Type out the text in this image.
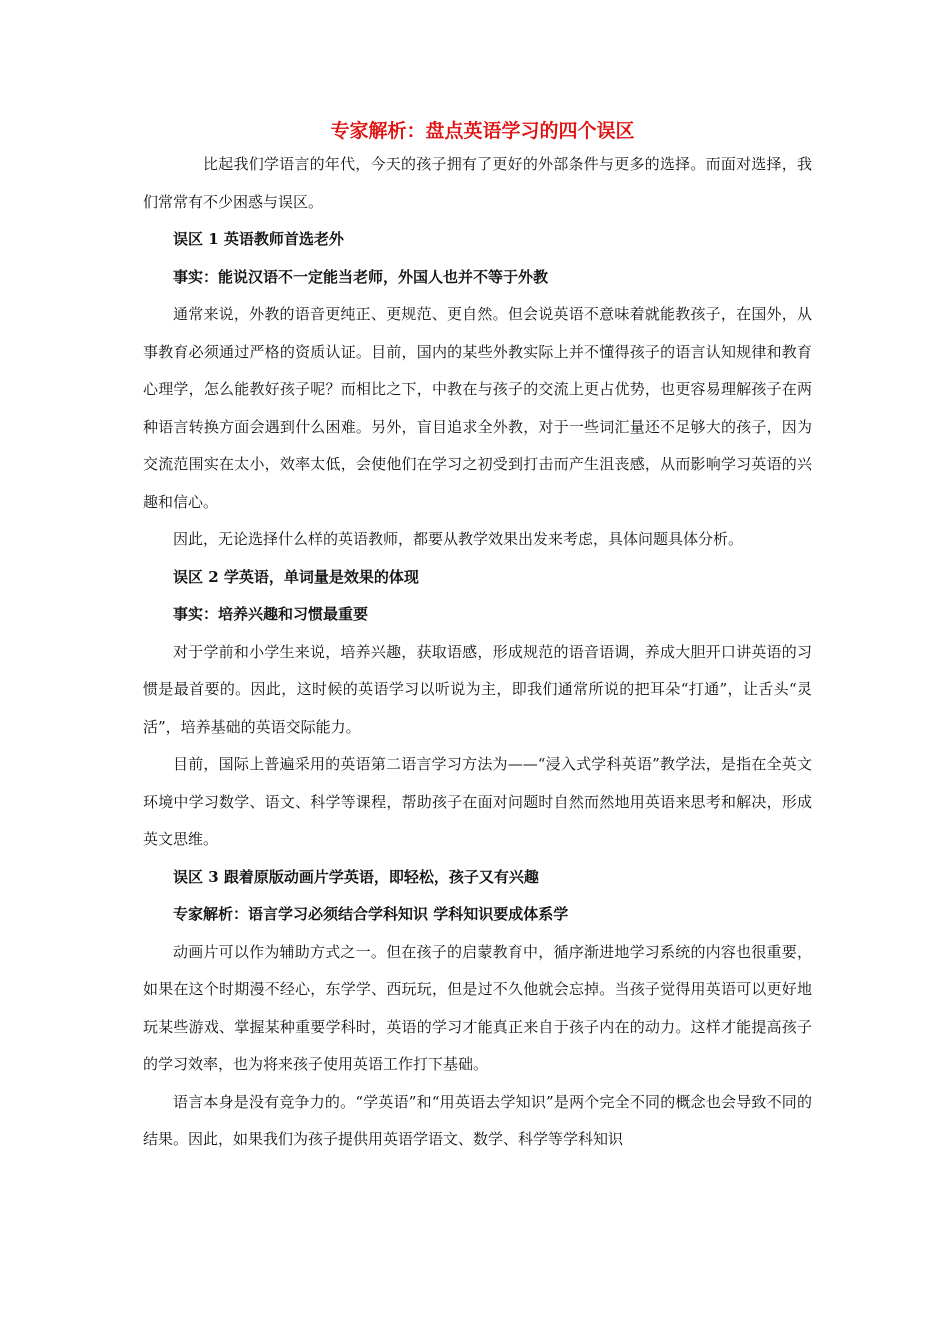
专家解析：盘点英语学习的四个误区

比起我们学语言的年代，今天的孩子拥有了更好的外部条件与更多的选择。而面对选择，我们常常有不少困惑与误区。

误区 1 英语教师首选老外

事实：能说汉语不一定能当老师，外国人也并不等于外教

通常来说，外教的语音更纯正、更规范、更自然。但会说英语不意味着就能教孩子，在国外，从事教育必须通过严格的资质认证。目前，国内的某些外教实际上并不懂得孩子的语言认知规律和教育心理学，怎么能教好孩子呢？而相比之下，中教在与孩子的交流上更占优势，也更容易理解孩子在两种语言转换方面会遇到什么困难。另外，盲目追求全外教，对于一些词汇量还不足够大的孩子，因为交流范围实在太小，效率太低，会使他们在学习之初受到打击而产生沮丧感，从而影响学习英语的兴趣和信心。

因此，无论选择什么样的英语教师，都要从教学效果出发来考虑，具体问题具体分析。

误区 2 学英语，单词量是效果的体现

事实：培养兴趣和习惯最重要

对于学前和小学生来说，培养兴趣，获取语感，形成规范的语音语调，养成大胆开口讲英语的习惯是最首要的。因此，这时候的英语学习以听说为主，即我们通常所说的把耳朵“打通”，让舌头“灵活”，培养基础的英语交际能力。

目前，国际上普遍采用的英语第二语言学习方法为——“浸入式学科英语”教学法，是指在全英文环境中学习数学、语文、科学等课程，帮助孩子在面对问题时自然而然地用英语来思考和解决，形成英文思维。

误区 3 跟着原版动画片学英语，即轻松，孩子又有兴趣

专家解析：语言学习必须结合学科知识 学科知识要成体系学

动画片可以作为辅助方式之一。但在孩子的启蒙教育中，循序渐进地学习系统的内容也很重要，如果在这个时期漫不经心，东学学、西玩玩，但是过不久他就会忘掉。当孩子觉得用英语可以更好地玩某些游戏、掌握某种重要学科时，英语的学习才能真正来自于孩子内在的动力。这样才能提高孩子的学习效率，也为将来孩子使用英语工作打下基础。

语言本身是没有竞争力的。“学英语”和“用英语去学知识”是两个完全不同的概念也会导致不同的结果。因此，如果我们为孩子提供用英语学语文、数学、科学等学科知识
